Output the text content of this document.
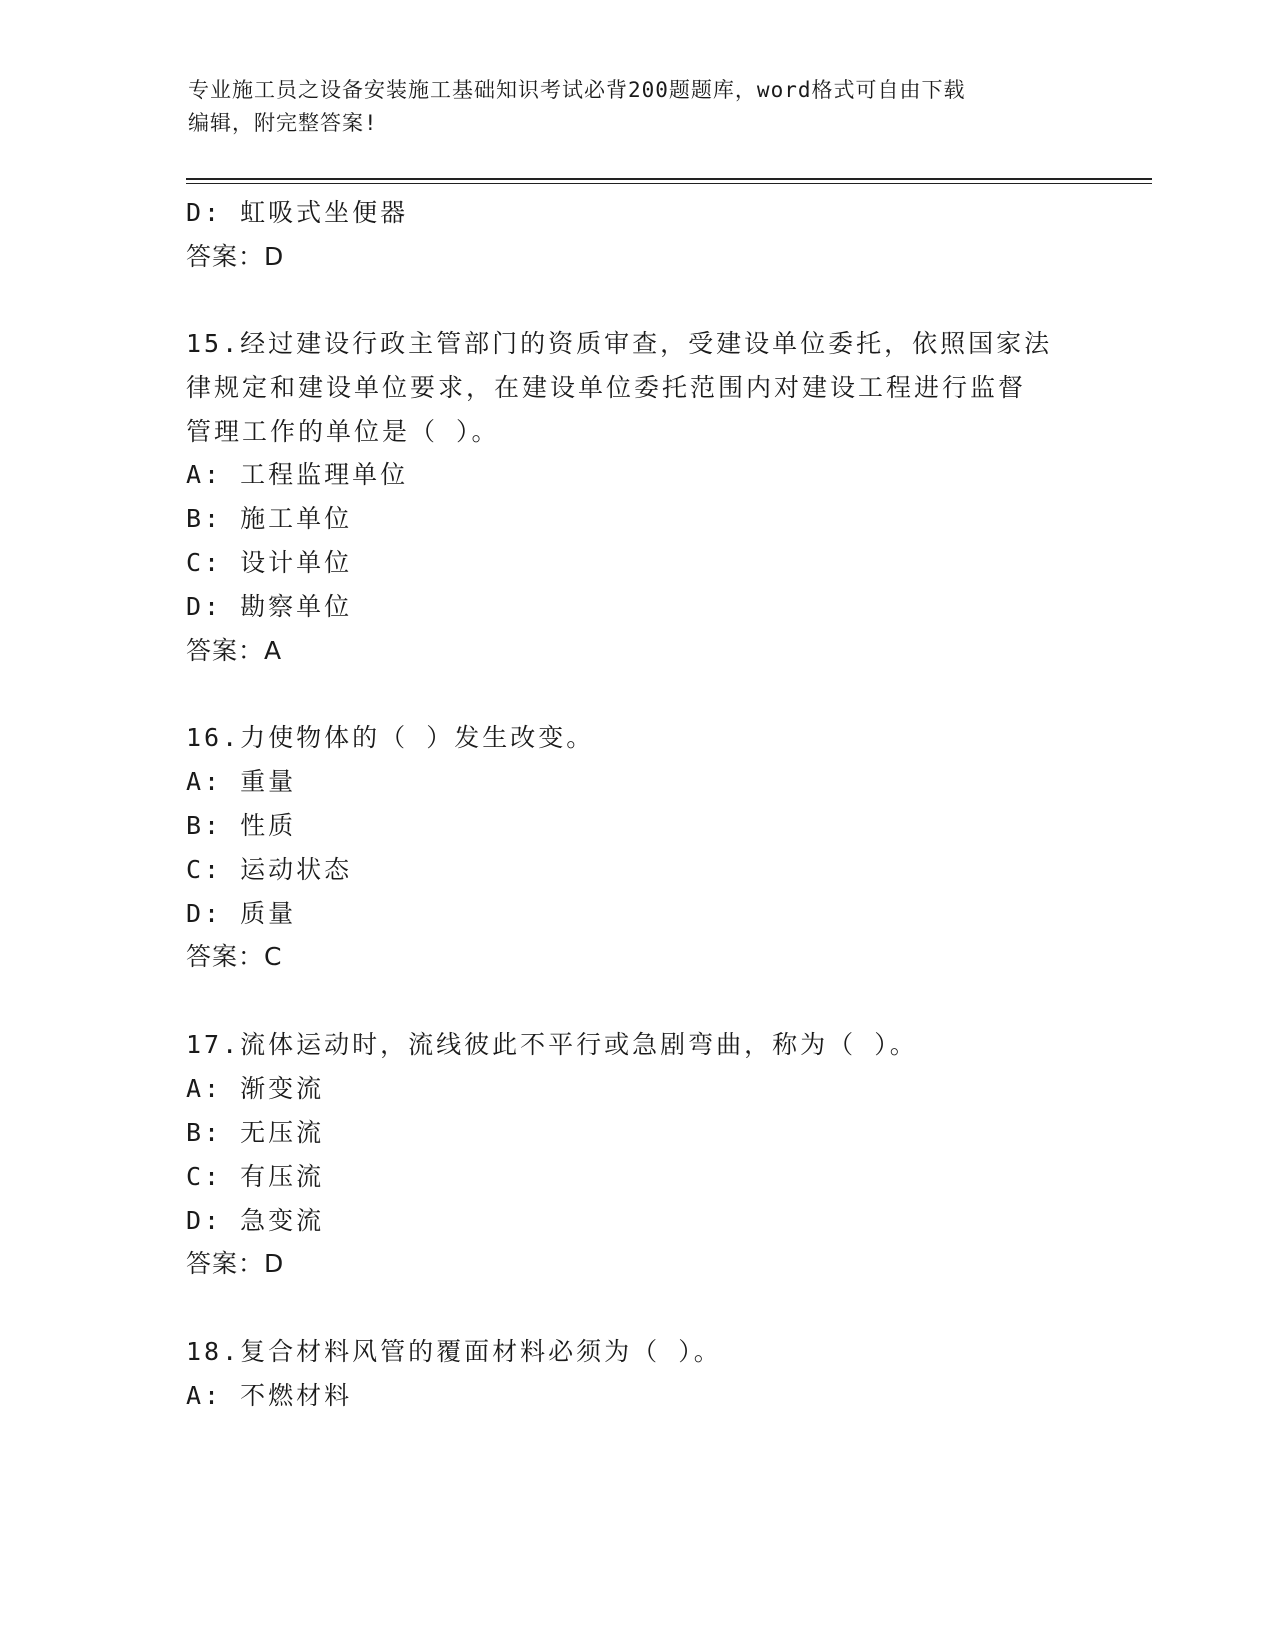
专业施工员之设备安装施工基础知识考试必背200题题库，word格式可自由下载
编辑，附完整答案!
D: 虹吸式坐便器
答案：D
15.经过建设行政主管部门的资质审查，受建设单位委托，依照国家法
律规定和建设单位要求，在建设单位委托范围内对建设工程进行监督
管理工作的单位是（ ）。
A: 工程监理单位
B: 施工单位
C: 设计单位
D: 勘察单位
答案：A
16.力使物体的（ ）发生改变。
A: 重量
B: 性质
C: 运动状态
D: 质量
答案：C
17.流体运动时，流线彼此不平行或急剧弯曲，称为（ ）。
A: 渐变流
B: 无压流
C: 有压流
D: 急变流
答案：D
18.复合材料风管的覆面材料必须为（ ）。
A: 不燃材料
